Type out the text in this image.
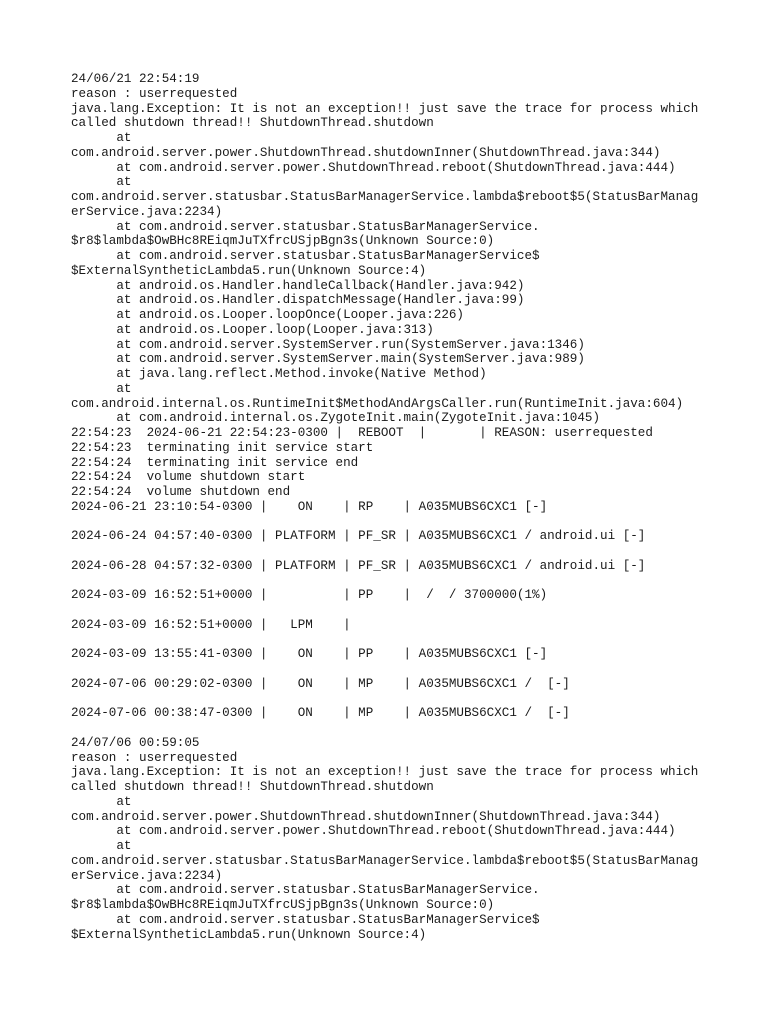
24/06/21 22:54:19
reason : userrequested
java.lang.Exception: It is not an exception!! just save the trace for process which
called shutdown thread!! ShutdownThread.shutdown
at
com.android.server.power.ShutdownThread.shutdownInner(ShutdownThread.java:344)
at com.android.server.power.ShutdownThread.reboot(ShutdownThread.java:444)
at
com.android.server.statusbar.StatusBarManagerService.lambda$reboot$5(StatusBarManag
erService.java:2234)
at com.android.server.statusbar.StatusBarManagerService.
$r8$lambda$OwBHc8REiqmJuTXfrcUSjpBgn3s(Unknown Source:0)
at com.android.server.statusbar.StatusBarManagerService$
$ExternalSyntheticLambda5.run(Unknown Source:4)
at android.os.Handler.handleCallback(Handler.java:942)
at android.os.Handler.dispatchMessage(Handler.java:99)
at android.os.Looper.loopOnce(Looper.java:226)
at android.os.Looper.loop(Looper.java:313)
at com.android.server.SystemServer.run(SystemServer.java:1346)
at com.android.server.SystemServer.main(SystemServer.java:989)
at java.lang.reflect.Method.invoke(Native Method)
at
com.android.internal.os.RuntimeInit$MethodAndArgsCaller.run(RuntimeInit.java:604)
at com.android.internal.os.ZygoteInit.main(ZygoteInit.java:1045)
22:54:23  2024-06-21 22:54:23-0300 |  REBOOT  |       | REASON: userrequested
22:54:23  terminating init service start
22:54:24  terminating init service end
22:54:24  volume shutdown start
22:54:24  volume shutdown end
2024-06-21 23:10:54-0300 |    ON    | RP    | A035MUBS6CXC1 [-]
2024-06-24 04:57:40-0300 | PLATFORM | PF_SR | A035MUBS6CXC1 / android.ui [-]
2024-06-28 04:57:32-0300 | PLATFORM | PF_SR | A035MUBS6CXC1 / android.ui [-]
2024-03-09 16:52:51+0000 |          | PP    |  /  / 3700000(1%)
2024-03-09 16:52:51+0000 |   LPM    |
2024-03-09 13:55:41-0300 |    ON    | PP    | A035MUBS6CXC1 [-]
2024-07-06 00:29:02-0300 |    ON    | MP    | A035MUBS6CXC1 /  [-]
2024-07-06 00:38:47-0300 |    ON    | MP    | A035MUBS6CXC1 /  [-]
24/07/06 00:59:05
reason : userrequested
java.lang.Exception: It is not an exception!! just save the trace for process which
called shutdown thread!! ShutdownThread.shutdown
at
com.android.server.power.ShutdownThread.shutdownInner(ShutdownThread.java:344)
at com.android.server.power.ShutdownThread.reboot(ShutdownThread.java:444)
at
com.android.server.statusbar.StatusBarManagerService.lambda$reboot$5(StatusBarManag
erService.java:2234)
at com.android.server.statusbar.StatusBarManagerService.
$r8$lambda$OwBHc8REiqmJuTXfrcUSjpBgn3s(Unknown Source:0)
at com.android.server.statusbar.StatusBarManagerService$
$ExternalSyntheticLambda5.run(Unknown Source:4)
